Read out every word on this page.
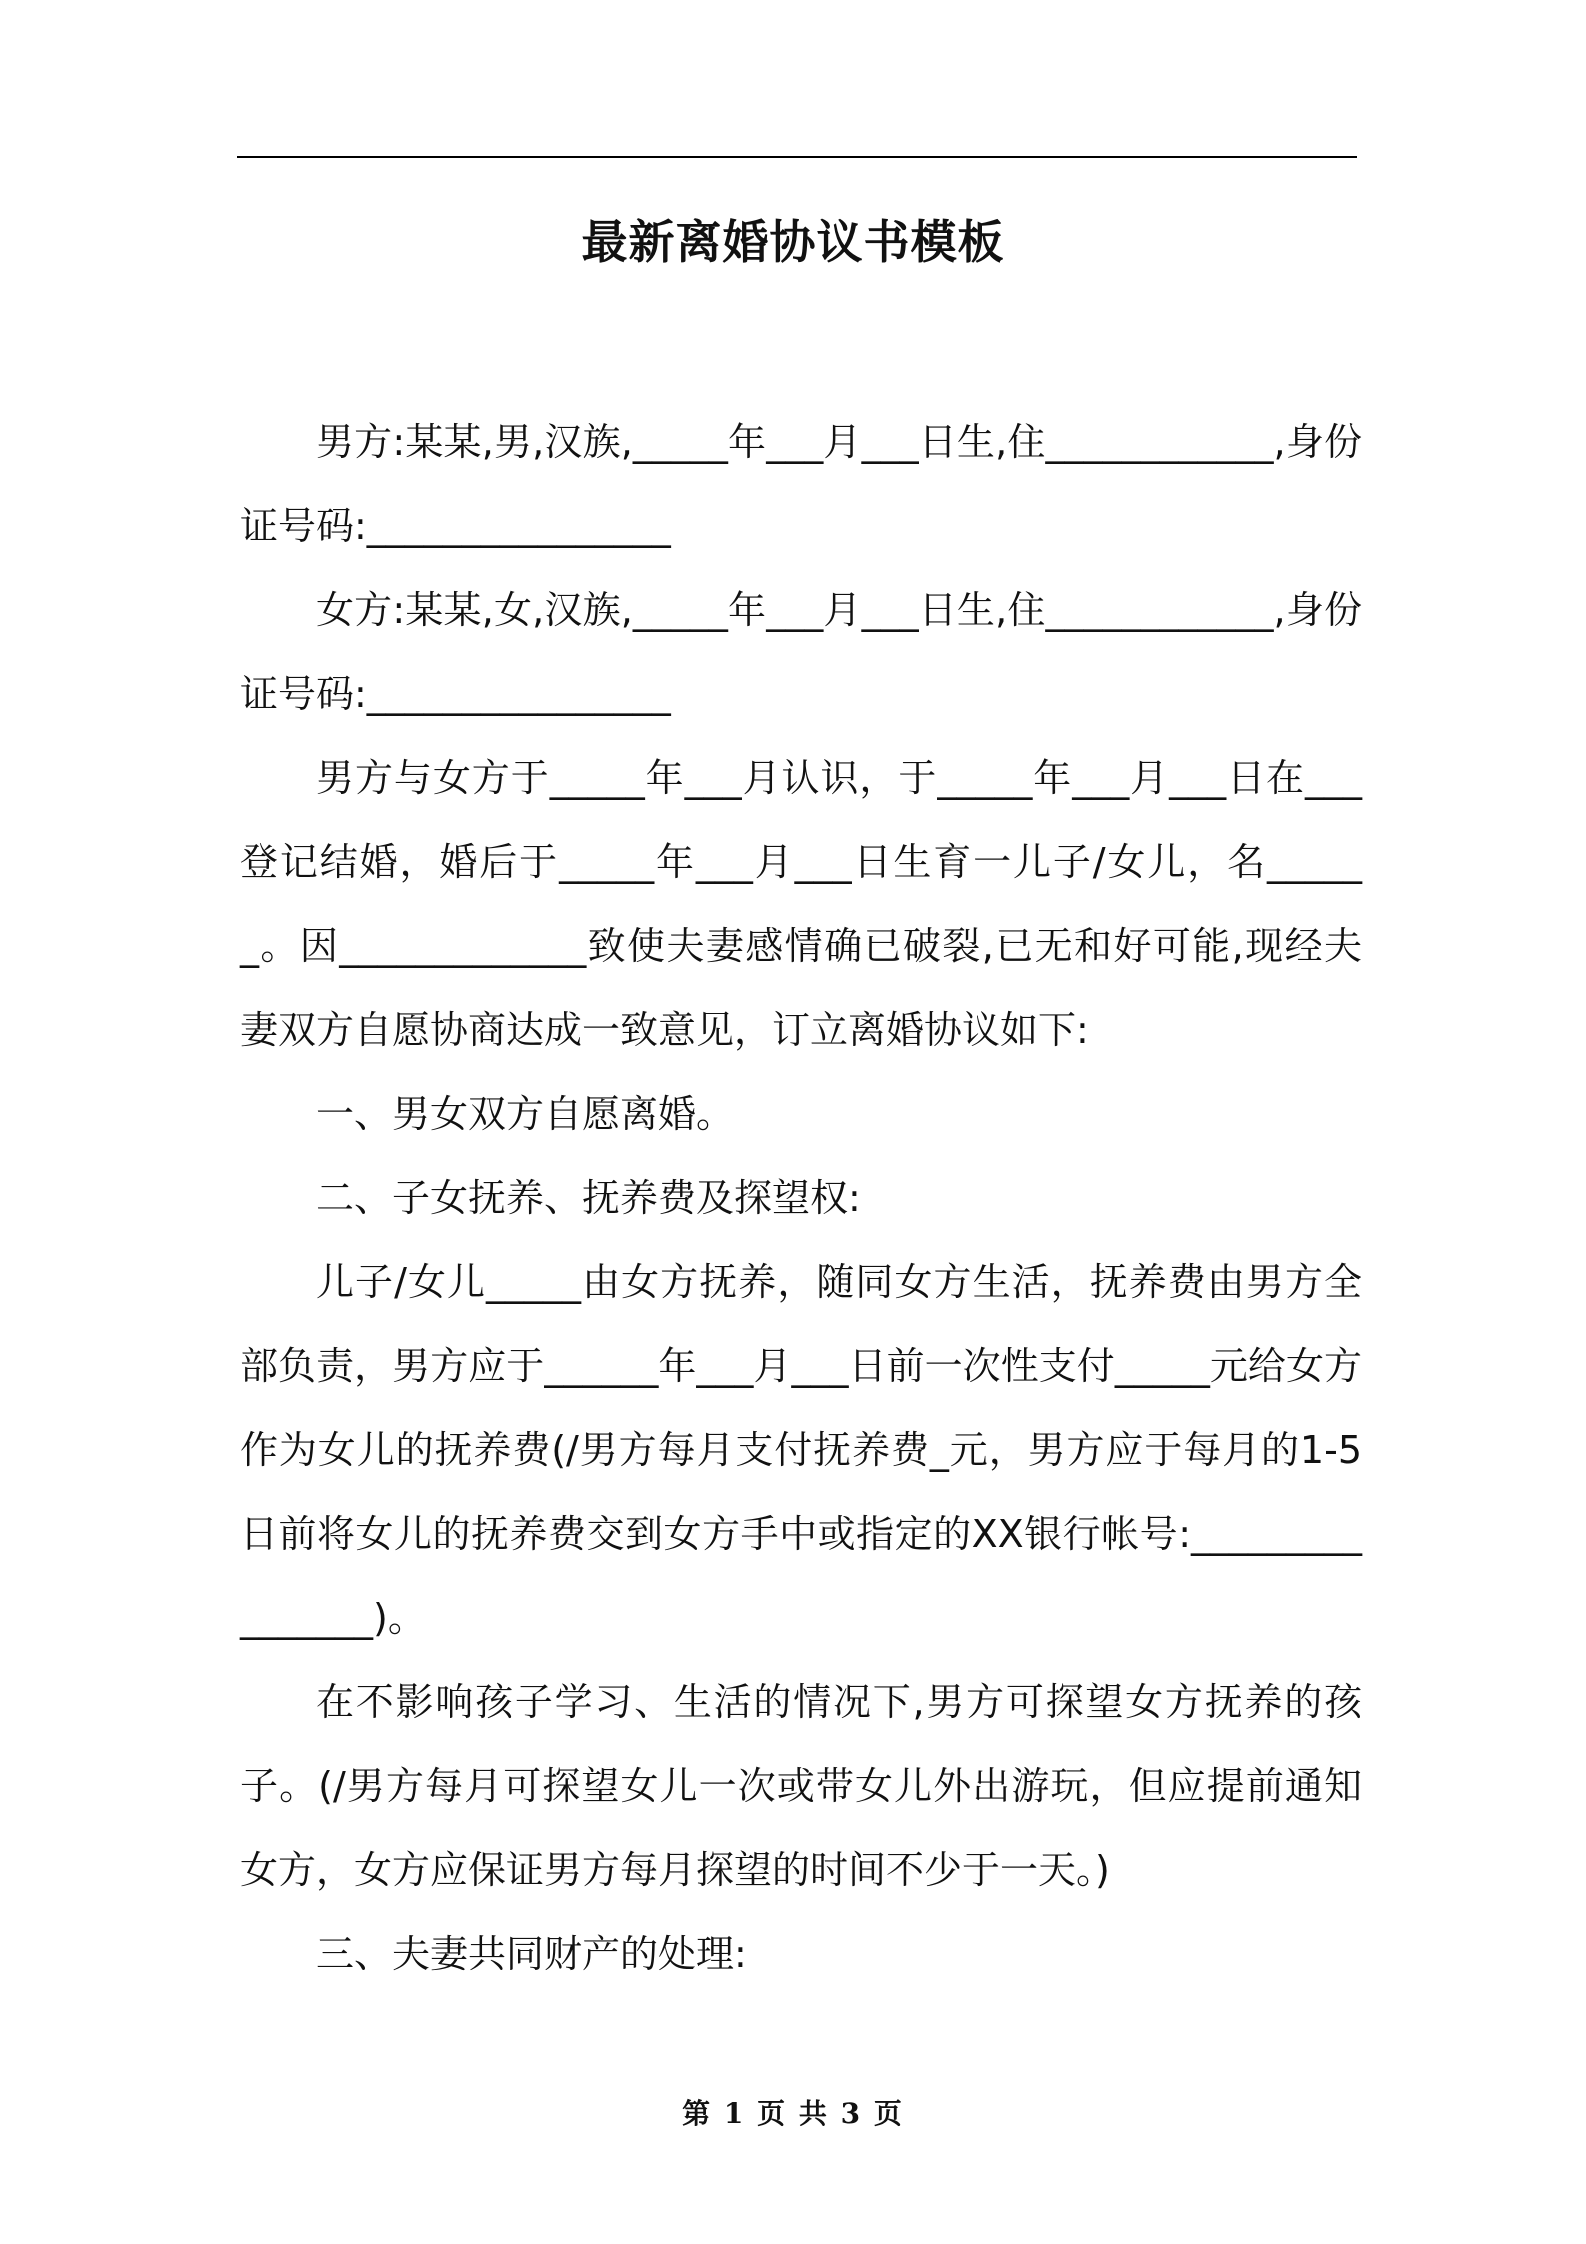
最新离婚协议书模板

男方:某某,男,汉族,_____年___月___日生,住____________,身份证号码:________________

女方:某某,女,汉族,_____年___月___日生,住____________,身份证号码:________________

男方与女方于_____年___月认识，于_____年___月___日在___登记结婚，婚后于_____年___月___日生育一儿子/女儿，名______。因_____________致使夫妻感情确已破裂,已无和好可能,现经夫妻双方自愿协商达成一致意见，订立离婚协议如下:

一、男女双方自愿离婚。

二、子女抚养、抚养费及探望权:

儿子/女儿_____由女方抚养，随同女方生活，抚养费由男方全部负责，男方应于______年___月___日前一次性支付_____元给女方作为女儿的抚养费(/男方每月支付抚养费_元，男方应于每月的1-5日前将女儿的抚养费交到女方手中或指定的XX银行帐号:________________)。

在不影响孩子学习、生活的情况下,男方可探望女方抚养的孩子。(/男方每月可探望女儿一次或带女儿外出游玩，但应提前通知女方，女方应保证男方每月探望的时间不少于一天。)

三、夫妻共同财产的处理:

第 1 页 共 3 页
